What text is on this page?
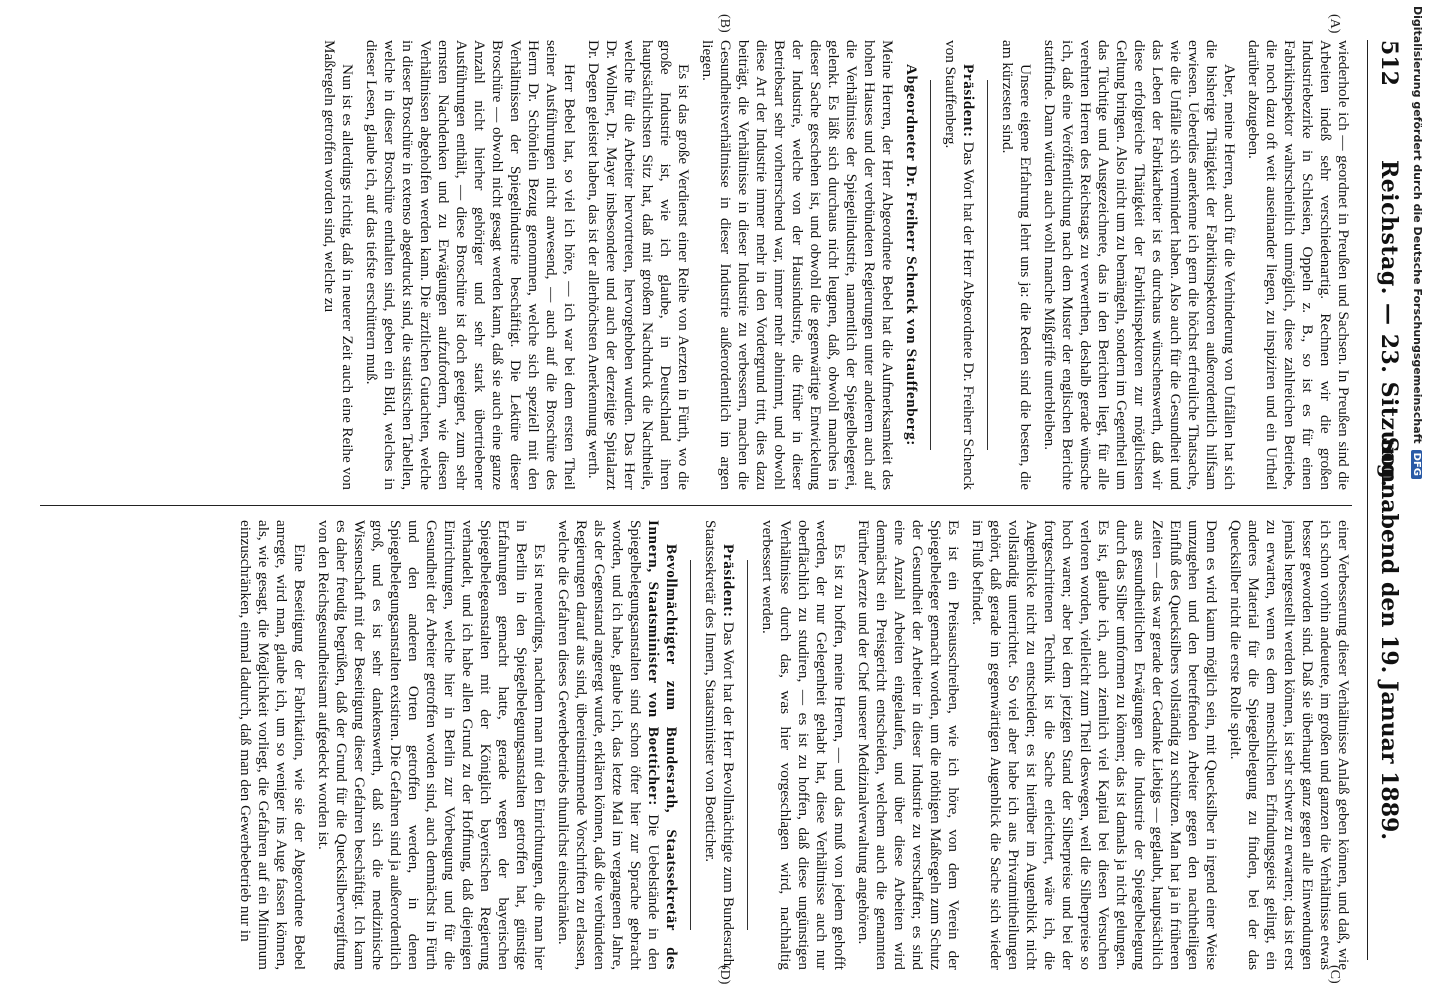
512
Reichstag. — 23. Sitzung.
Sonnabend den 19. Januar 1889.
(A)
(B)
(C)
(D)

wiederhole ich — geordnet in Preußen und Sachsen. In Preußen sind die Arbeiten indeß sehr verschiedenartig. Rechnen wir die großen Industriebezirke in Schlesien, Oppeln z. B., so ist es für einen Fabrikinspektor wahrscheinlich unmöglich, diese zahlreichen Betriebe, die noch dazu oft weit auseinander liegen, zu inspiziren und ein Urtheil darüber abzugeben.

Aber, meine Herren, auch für die Verhinderung von Unfällen hat sich die bisherige Thätigkeit der Fabrikinspektoren außerordentlich hilfsam erwiesen. Ueberdies anerkenne ich gern die höchst erfreuliche Thatsache, wie die Unfälle sich vermindert haben. Also auch für die Gesundheit und das Leben der Fabrikarbeiter ist es durchaus wünschenswerth, daß wir diese erfolgreiche Thätigkeit der Fabrikinspektoren zur möglichsten Geltung bringen. Also nicht um zu bemängeln, sondern im Gegentheil um das Tüchtige und Ausgezeichnete, das in den Berichten liegt, für alle verehrten Herren des Reichstags zu verwerthen, deshalb gerade wünsche ich, daß eine Veröffentlichung nach dem Muster der englischen Berichte stattfinde. Dann würden auch wohl manche Mißgriffe unterbleiben.

Unsere eigene Erfahrung lehrt uns ja: die Reden sind die besten, die am kürzesten sind.

Präsident: Das Wort hat der Herr Abgeordnete Dr. Freiherr Schenck von Stauffenberg.

Abgeordneter Dr. Freiherr Schenck von Stauffenberg:

Meine Herren, der Herr Abgeordnete Bebel hat die Aufmerksamkeit des hohen Hauses und der verbündeten Regierungen unter anderem auch auf die Verhältnisse der Spiegelindustrie, namentlich der Spiegelbelegerei, gelenkt. Es läßt sich durchaus nicht leugnen, daß, obwohl manches in dieser Sache geschehen ist, und obwohl die gegenwärtige Entwickelung der Industrie, welche von der Hausindustrie, die früher in dieser Betriebsart sehr vorherrschend war, immer mehr abnimmt, und obwohl diese Art der Industrie immer mehr in den Vordergrund tritt, dies dazu beiträgt, die Verhältnisse in dieser Industrie zu verbessern, machen die Gesundheitsverhältnisse in dieser Industrie außerordentlich im argen liegen.

Es ist das große Verdienst einer Reihe von Aerzten in Fürth, wo die große Industrie ist, wie ich glaube, in Deutschland ihren hauptsächlichsten Sitz hat, daß mit großem Nachdruck die Nachtheile, welche für die Arbeiter hervortreten, hervorgehoben wurden. Das Herr Dr. Wollner, Dr. Mayer insbesondere und auch der derzeitige Spitalarzt Dr. Degen geleistet haben, das ist der allerhöchsten Anerkennung werth.

Herr Bebel hat, so viel ich höre, — ich war bei dem ersten Theil seiner Ausführungen nicht anwesend, — auch auf die Broschüre des Herrn Dr. Schönlein Bezug genommen, welche sich speziell mit den Verhältnissen der Spiegelindustrie beschäftigt. Die Lektüre dieser Broschüre — obwohl nicht gesagt werden kann, daß sie auch eine ganze Anzahl nicht hierher gehöriger und sehr stark übertriebener Ausführungen enthält, — diese Broschüre ist doch geeignet, zum sehr ernsten Nachdenken und zu Erwägungen aufzufordern, wie diesen Verhältnissen abgeholfen werden kann. Die ärztlichen Gutachten, welche in dieser Broschüre in extenso abgedruckt sind, die statistischen Tabellen, welche in dieser Broschüre enthalten sind, geben ein Bild, welches in dieser Lesen, glaube ich, auf das tiefste erschüttern muß.

Nun ist es allerdings richtig, daß in neuerer Zeit auch eine Reihe von Maßregeln getroffen worden sind, welche zu

einer Verbesserung dieser Verhältnisse Anlaß geben können, und daß, wie ich schon vorhin andeutete, im großen und ganzen die Verhältnisse etwas besser geworden sind. Daß sie überhaupt ganz gegen alle Einwendungen jemals hergestellt werden können, ist sehr schwer zu erwarten; das ist erst zu erwarten, wenn es dem menschlichen Erfindungsgeist gelingt, ein anderes Material für die Spiegelbelegung zu finden, bei der das Quecksilber nicht die erste Rolle spielt.

Denn es wird kaum möglich sein, mit Quecksilber in irgend einer Weise umzugehen und den betreffenden Arbeiter gegen den nachtheiligen Einfluß des Quecksilbers vollständig zu schützen. Man hat ja in früheren Zeiten — das war gerade der Gedanke Liebigs — geglaubt, hauptsächlich aus gesundheitlichen Erwägungen die Industrie der Spiegelbelegung durch das Silber umformen zu können; das ist damals ja nicht gelungen. Es ist, glaube ich, auch ziemlich viel Kapital bei diesen Versuchen verloren worden, vielleicht zum Theil deswegen, weil die Silberpreise so hoch waren; aber bei dem jetzigen Stand der Silberpreise und bei der fortgeschrittenen Technik ist die Sache erleichtert, wäre ich, die Augenblicke nicht zu entscheiden; es ist hierüber im Augenblick nicht vollständig unterrichtet. So viel aber habe ich aus Privatmittheilungen gehört, daß gerade im gegenwärtigen Augenblick die Sache sich wieder im Fluß befindet.

Es ist ein Preisausschreiben, wie ich höre, von dem Verein der Spiegelbeleger gemacht worden, um die nöthigen Maßregeln zum Schutz der Gesundheit der Arbeiter in dieser Industrie zu verschaffen; es sind eine Anzahl Arbeiten eingelaufen, und über diese Arbeiten wird demnächst ein Preisgericht entscheiden, welchem auch die genannten Fürther Aerzte und der Chef unserer Medizinalverwaltung angehören.

Es ist zu hoffen, meine Herren, — und das muß von jedem gehofft werden, der nur Gelegenheit gehabt hat, diese Verhältnisse auch nur oberflächlich zu studiren, — es ist zu hoffen, daß diese ungünstigen Verhältnisse durch das, was hier vorgeschlagen wird, nachhaltig verbessert werden.

Präsident: Das Wort hat der Herr Bevollmächtigte zum Bundesrath, Staatssekretär des Innern, Staatsminister von Boetticher.

Bevollmächtigter zum Bundesrath, Staatssekretär des Innern, Staatsminister von Boetticher: Die Uebelstände in den Spiegelbelegungsanstalten sind schon öfter hier zur Sprache gebracht worden, und ich habe, glaube ich, das letzte Mal im vergangenen Jahre, als der Gegenstand angeregt wurde, erklären können, daß die verbündeten Regierungen darauf aus sind, übereinstimmende Vorschriften zu erlassen, welche die Gefahren dieses Gewerbebetriebs thunlichst einschränken.

Es ist neuerdings, nachdem man mit den Einrichtungen, die man hier in Berlin in den Spiegelbelegungsanstalten getroffen hat, günstige Erfahrungen gemacht hatte, gerade wegen der bayerischen Spiegelbelegeanstalten mit der Königlich bayerischen Regierung verhandelt, und ich habe allen Grund zu der Hoffnung, daß diejenigen Einrichtungen, welche hier in Berlin zur Vorbeugung und für die Gesundheit der Arbeiter getroffen worden sind, auch demnächst in Fürth und den anderen Orten getroffen werden, in denen Spiegelbelegungsanstalten existiren. Die Gefahren sind ja außerordentlich groß, und es ist sehr dankenswerth, daß sich die medizinische Wissenschaft mit der Beseitigung dieser Gefahren beschäftigt. Ich kann es daher freudig begrüßen, daß der Grund für die Quecksilbervergiftung von den Reichsgesundheitsamt aufgedeckt worden ist.

Eine Beseitigung der Fabrikation, wie sie der Abgeordnete Bebel anregte, wird man, glaube ich, um so weniger ins Auge fassen können, als, wie gesagt, die Möglichkeit vorliegt, die Gefahren auf ein Minimum einzuschränken, einmal dadurch, daß man den Gewerbebetrieb nur in

Digitalisierung gefördert durch die Deutsche ForschungsgemeinschaftDFG
